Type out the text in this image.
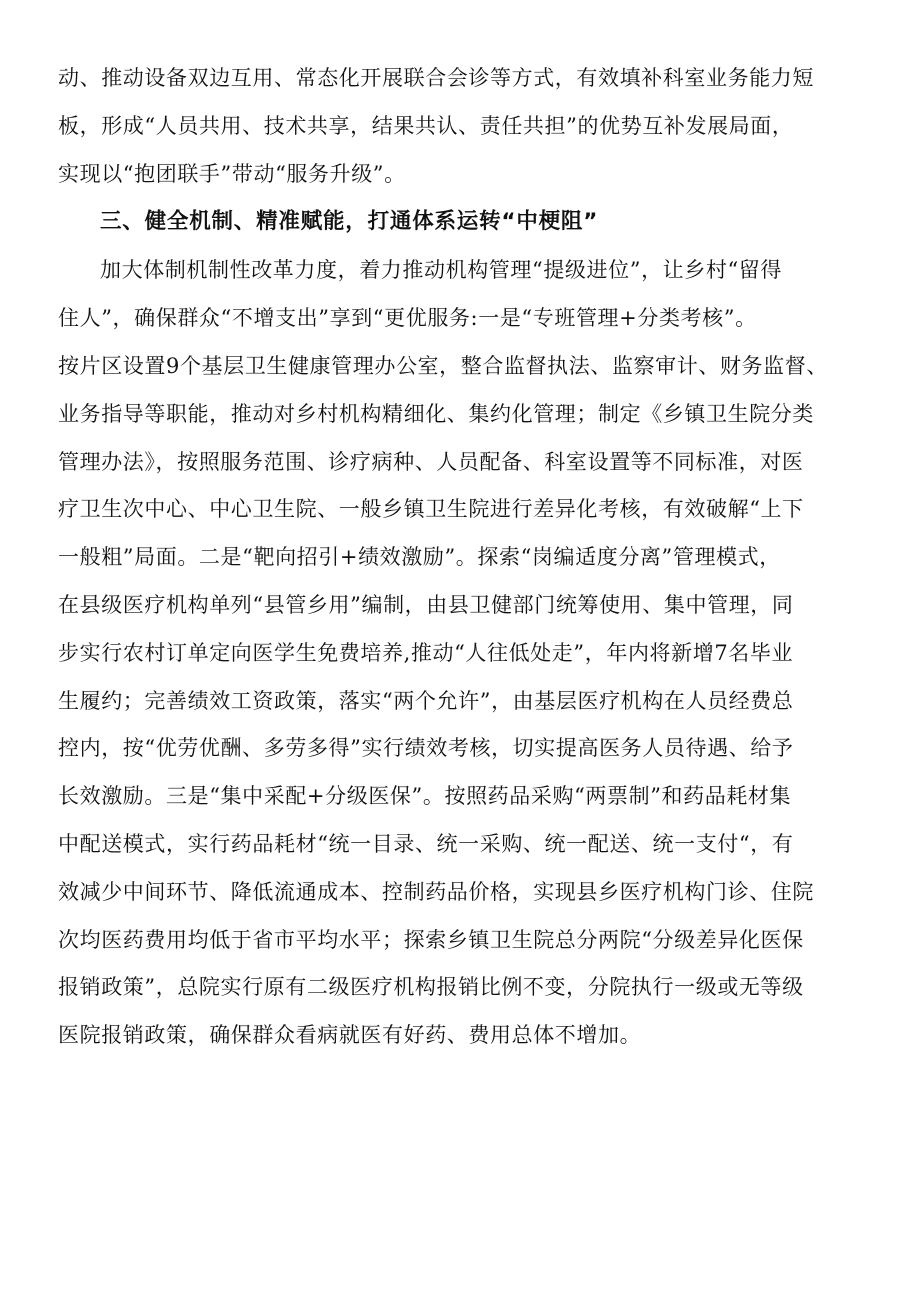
动、推动设备双边互用、常态化开展联合会诊等方式，有效填补科室业务能力短
板，形成“人员共用、技术共享，结果共认、责任共担”的优势互补发展局面，
实现以“抱团联手”带动“服务升级”。
三、健全机制、精准赋能，打通体系运转“中梗阻”
加大体制机制性改革力度，着力推动机构管理“提级进位”，让乡村“留得
住人”，确保群众“不增支出”享到“更优服务:一是“专班管理+分类考核”。
按片区设置9个基层卫生健康管理办公室，整合监督执法、监察审计、财务监督、
业务指导等职能，推动对乡村机构精细化、集约化管理；制定《乡镇卫生院分类
管理办法》，按照服务范围、诊疗病种、人员配备、科室设置等不同标准，对医
疗卫生次中心、中心卫生院、一般乡镇卫生院进行差异化考核，有效破解“上下
一般粗”局面。二是“靶向招引+绩效激励”。探索“岗编适度分离”管理模式，
在县级医疗机构单列“县管乡用”编制，由县卫健部门统筹使用、集中管理，同
步实行农村订单定向医学生免费培养,推动“人往低处走”，年内将新增7名毕业
生履约；完善绩效工资政策，落实“两个允许”，由基层医疗机构在人员经费总
控内，按“优劳优酬、多劳多得”实行绩效考核，切实提高医务人员待遇、给予
长效激励。三是“集中采配+分级医保”。按照药品采购“两票制”和药品耗材集
中配送模式，实行药品耗材“统一目录、统一采购、统一配送、统一支付“，有
效减少中间环节、降低流通成本、控制药品价格，实现县乡医疗机构门诊、住院
次均医药费用均低于省市平均水平；探索乡镇卫生院总分两院“分级差异化医保
报销政策”，总院实行原有二级医疗机构报销比例不变，分院执行一级或无等级
医院报销政策，确保群众看病就医有好药、费用总体不增加。
